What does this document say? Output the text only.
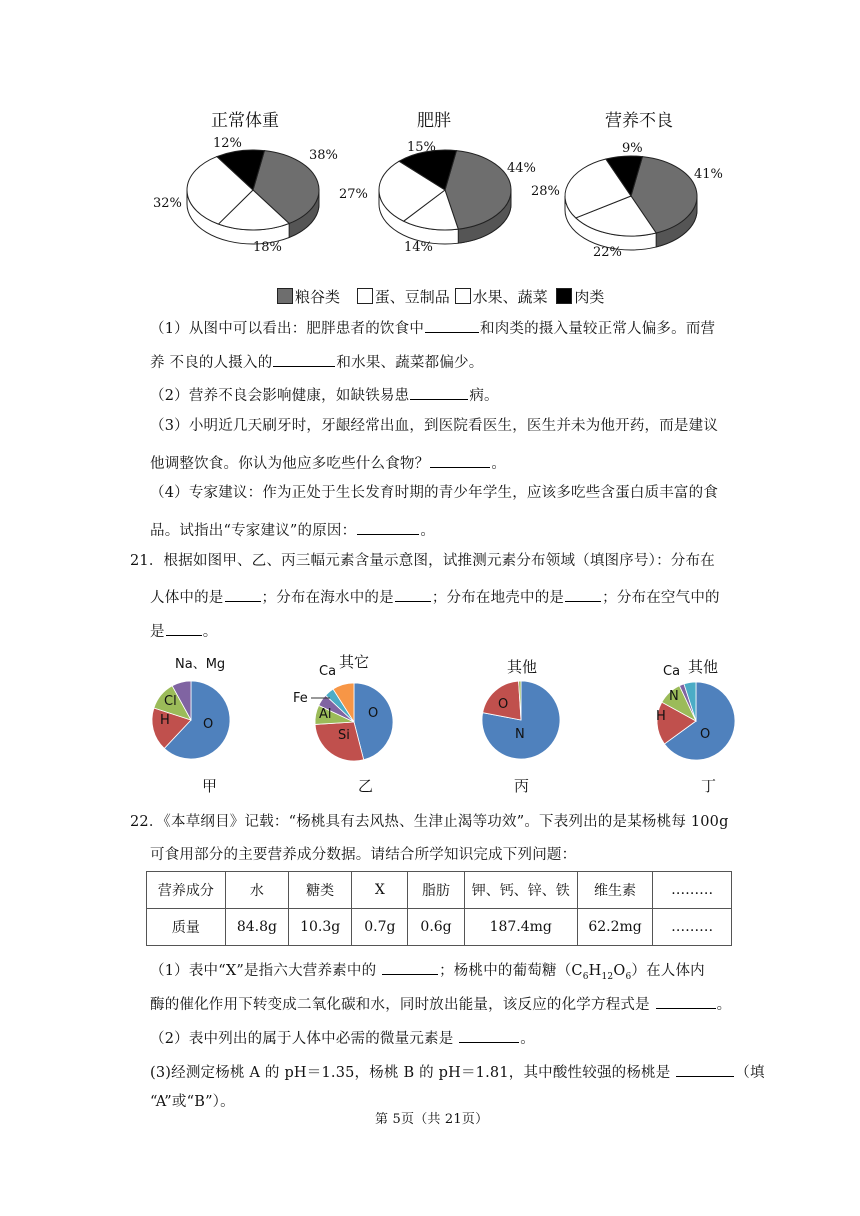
正常体重	肥胖	营养不良
12%
38%
32%
18%
15%
44%
27%
14%
9%
41%
28%
22%
粮谷类 蛋、豆制品 水果、蔬菜 肉类
（1）从图中可以看出：肥胖患者的饮食中	和肉类的摄入量较正常人偏多。而营
养 不良的人摄入的	和水果、蔬菜都偏少。
（2）营养不良会影响健康，如缺铁易患	病。
（3）小明近几天刷牙时，牙龈经常出血，到医院看医生，医生并未为他开药，而是建议
他调整饮食。你认为他应多吃些什么食物？	。
（4）专家建议：作为正处于生长发育时期的青少年学生，应该多吃些含蛋白质丰富的食
品。试指出“专家建议”的原因：	。
21．根据如图甲、乙、丙三幅元素含量示意图，试推测元素分布领域（填图序号）：分布在
人体中的是	；分布在海水中的是	；分布在地壳中的是	；分布在空气中的
是	。
Na、Mg	其它
Ca
Fe
其他	Ca 其他
O
H
Cl
O
Si
Al
N
O
O
H
N
甲	乙	丙	丁
22．《本草纲目》记载：“杨桃具有去风热、生津止渴等功效”。下表列出的是某杨桃每 100g
可食用部分的主要营养成分数据。请结合所学知识完成下列问题：
营养成分	水	糖类	X	脂肪	钾、钙、锌、铁	维生素	………
质量	84.8g	10.3g	0.7g	0.6g	187.4mg	62.2mg	………
（1）表中“X”是指六大营养素中的	；杨桃中的葡萄糖$(C_6H_{12}O_6)$在人体内
酶的催化作用下转变成二氧化碳和水，同时放出能量，该反应的化学方程式是	。
（2）表中列出的属于人体中必需的微量元素是	。
(3)经测定杨桃 A 的 pH＝1.35，杨桃 B 的 pH＝1.81，其中酸性较强的杨桃是	（填
“A”或“B”）。
第 5页（共 21页）
